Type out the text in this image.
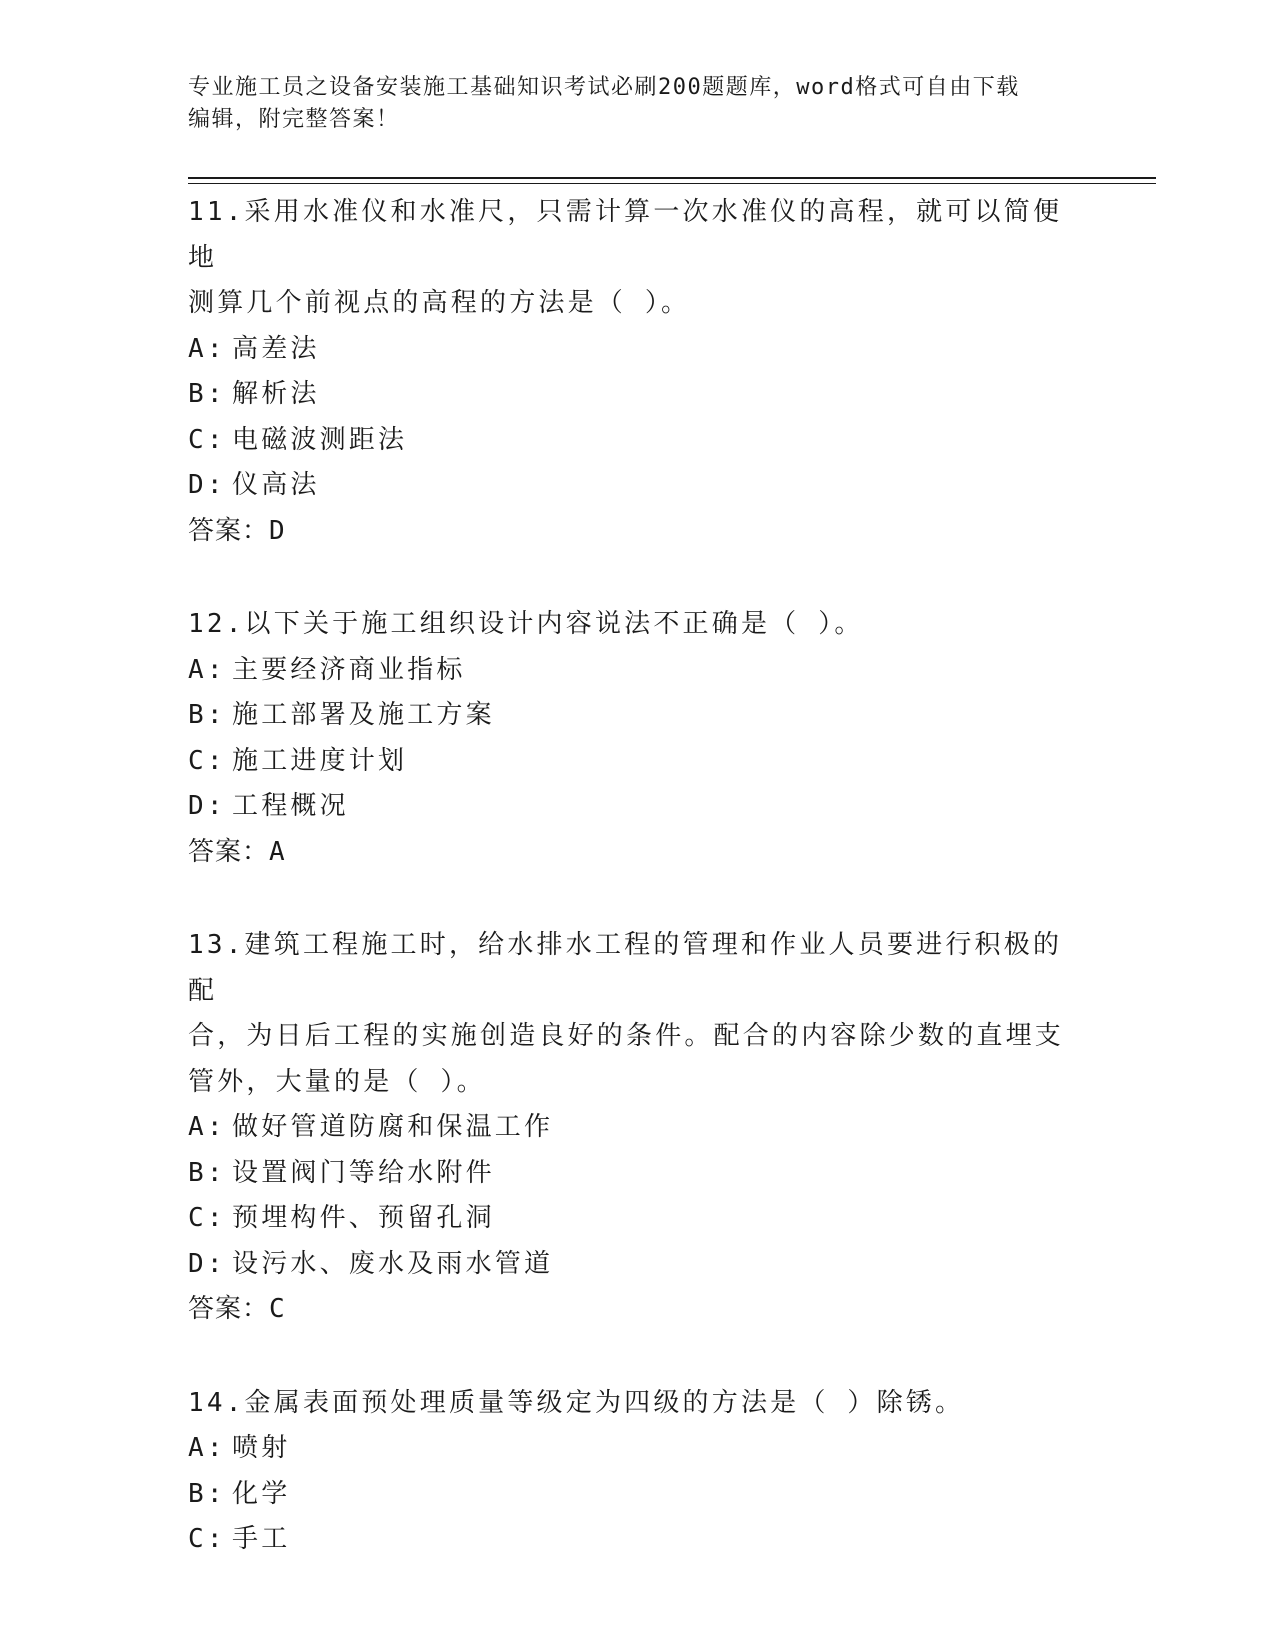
专业施工员之设备安装施工基础知识考试必刷200题题库，word格式可自由下载
编辑，附完整答案！
11.采用水准仪和水准尺，只需计算一次水准仪的高程，就可以简便地
测算几个前视点的高程的方法是（ ）。
A: 高差法
B: 解析法
C: 电磁波测距法
D: 仪高法
答案：D
12.以下关于施工组织设计内容说法不正确是（ ）。
A: 主要经济商业指标
B: 施工部署及施工方案
C: 施工进度计划
D: 工程概况
答案：A
13.建筑工程施工时，给水排水工程的管理和作业人员要进行积极的配
合，为日后工程的实施创造良好的条件。配合的内容除少数的直埋支
管外，大量的是（ ）。
A: 做好管道防腐和保温工作
B: 设置阀门等给水附件
C: 预埋构件、预留孔洞
D: 设污水、废水及雨水管道
答案：C
14.金属表面预处理质量等级定为四级的方法是（ ）除锈。
A: 喷射
B: 化学
C: 手工
